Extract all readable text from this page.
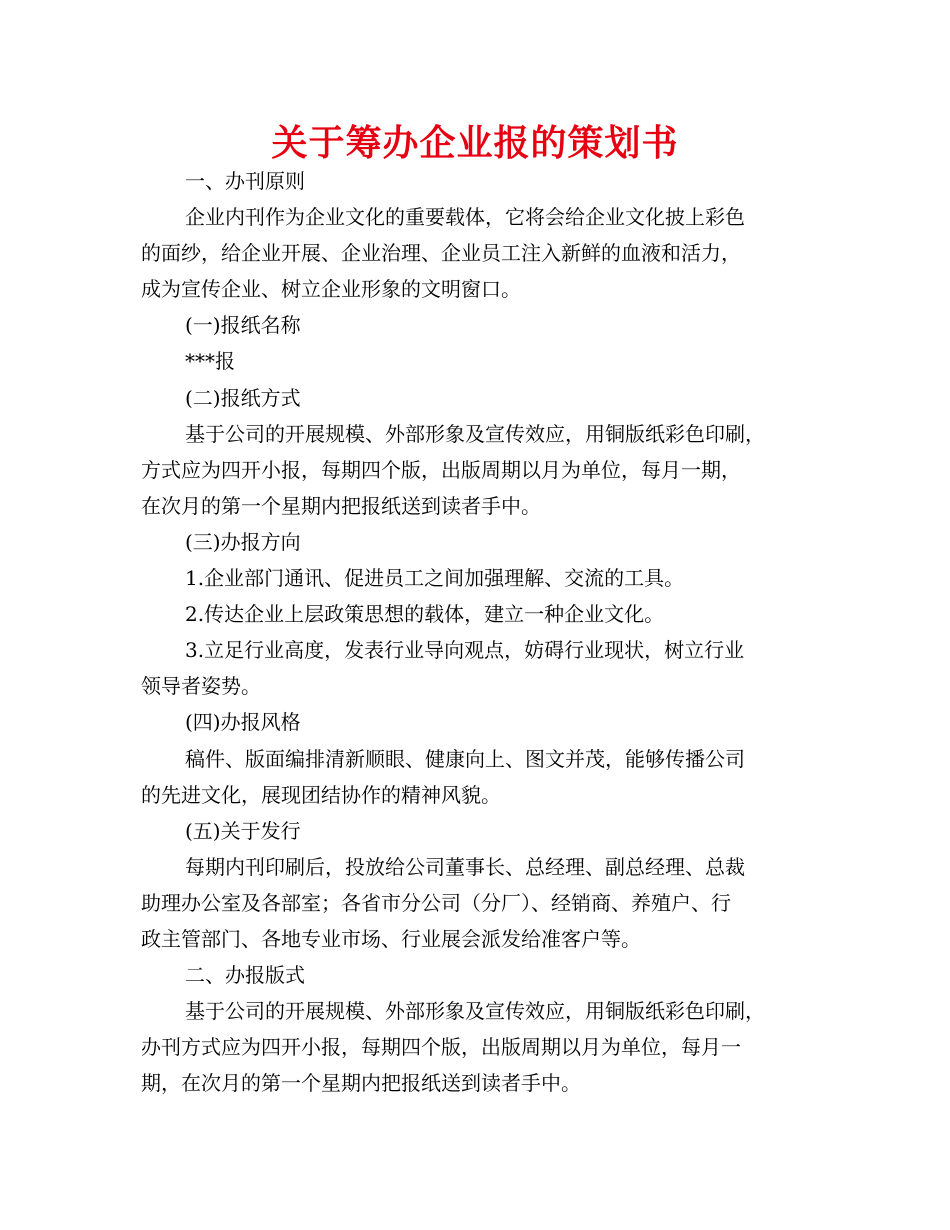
关于筹办企业报的策划书
一、办刊原则
企业内刊作为企业文化的重要载体，它将会给企业文化披上彩色
的面纱，给企业开展、企业治理、企业员工注入新鲜的血液和活力，
成为宣传企业、树立企业形象的文明窗口。
(一)报纸名称
***报
(二)报纸方式
基于公司的开展规模、外部形象及宣传效应，用铜版纸彩色印刷，
方式应为四开小报，每期四个版，出版周期以月为单位，每月一期，
在次月的第一个星期内把报纸送到读者手中。
(三)办报方向
1.企业部门通讯、促进员工之间加强理解、交流的工具。
2.传达企业上层政策思想的载体，建立一种企业文化。
3.立足行业高度，发表行业导向观点，妨碍行业现状，树立行业
领导者姿势。
(四)办报风格
稿件、版面编排清新顺眼、健康向上、图文并茂，能够传播公司
的先进文化，展现团结协作的精神风貌。
(五)关于发行
每期内刊印刷后，投放给公司董事长、总经理、副总经理、总裁
助理办公室及各部室；各省市分公司（分厂）、经销商、养殖户、行
政主管部门、各地专业市场、行业展会派发给准客户等。
二、办报版式
基于公司的开展规模、外部形象及宣传效应，用铜版纸彩色印刷，
办刊方式应为四开小报，每期四个版，出版周期以月为单位，每月一
期，在次月的第一个星期内把报纸送到读者手中。
